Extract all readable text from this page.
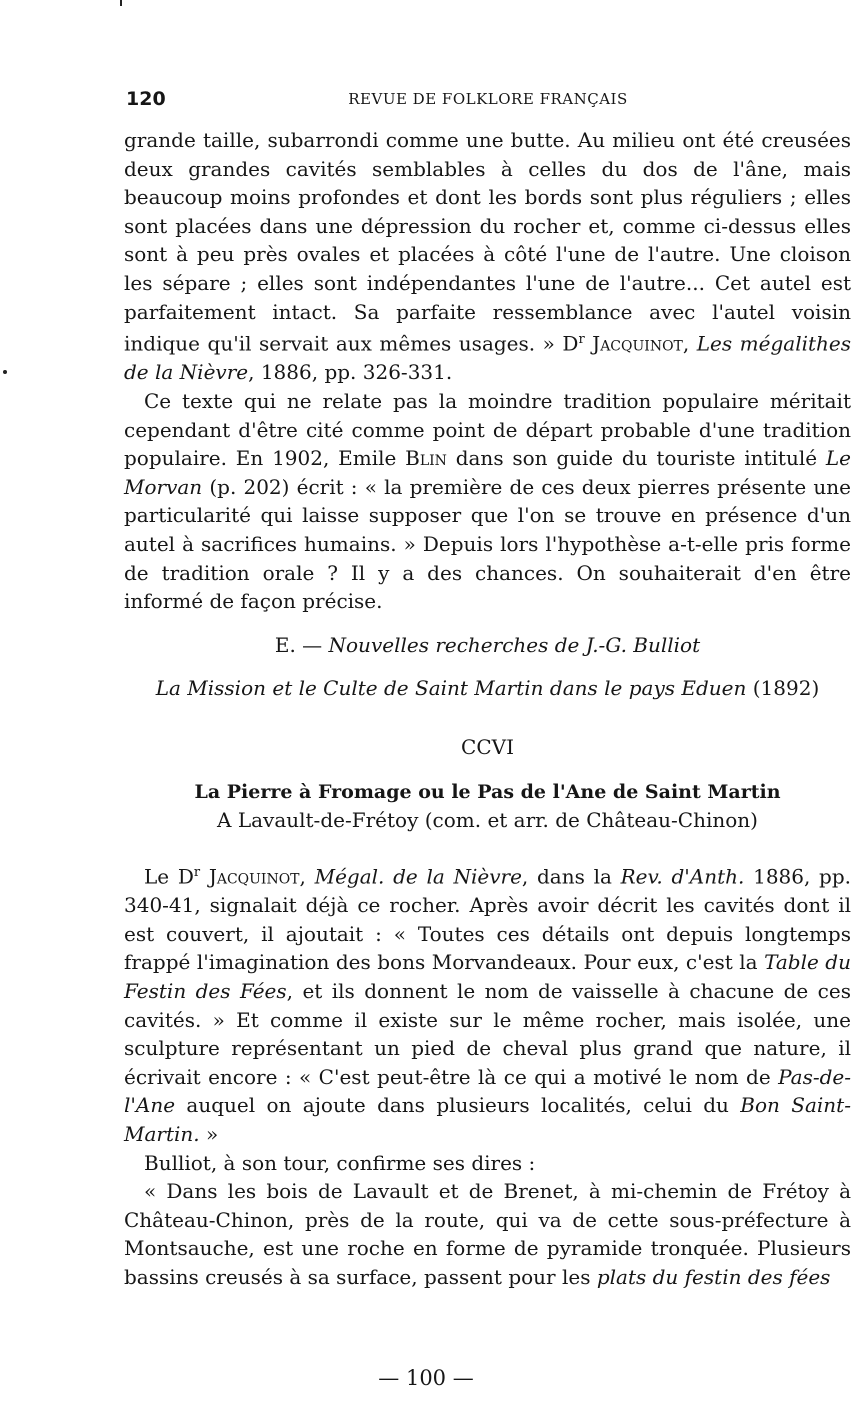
120	REVUE DE FOLKLORE FRANÇAIS

grande taille, subarrondi comme une butte. Au milieu ont été creusées deux grandes cavités semblables à celles du dos de l'âne, mais beaucoup moins profondes et dont les bords sont plus réguliers ; elles sont placées dans une dépression du rocher et, comme ci-dessus elles sont à peu près ovales et placées à côté l'une de l'autre. Une cloison les sépare ; elles sont indépendantes l'une de l'autre... Cet autel est parfaitement intact. Sa parfaite ressemblance avec l'autel voisin indique qu'il servait aux mêmes usages. » $D^r$ Jacquinot, Les mégalithes de la Nièvre, 1886, pp. 326-331.

Ce texte qui ne relate pas la moindre tradition populaire méritait cependant d'être cité comme point de départ probable d'une tradition populaire. En 1902, Emile Blin dans son guide du touriste intitulé Le Morvan (p. 202) écrit : « la première de ces deux pierres présente une particularité qui laisse supposer que l'on se trouve en présence d'un autel à sacrifices humains. » Depuis lors l'hypothèse a-t-elle pris forme de tradition orale ? Il y a des chances. On souhaiterait d'en être informé de façon précise.

E. — Nouvelles recherches de J.-G. Bulliot
La Mission et le Culte de Saint Martin dans le pays Eduen (1892)
CCVI
La Pierre à Fromage ou le Pas de l'Ane de Saint Martin
A Lavault-de-Frétoy (com. et arr. de Château-Chinon)

Le $D^r$ Jacquinot, Mégal. de la Nièvre, dans la Rev. d'Anth. 1886, pp. 340-41, signalait déjà ce rocher. Après avoir décrit les cavités dont il est couvert, il ajoutait : « Toutes ces détails ont depuis longtemps frappé l'imagination des bons Morvandeaux. Pour eux, c'est la Table du Festin des Fées, et ils donnent le nom de vaisselle à chacune de ces cavités. » Et comme il existe sur le même rocher, mais isolée, une sculpture représentant un pied de cheval plus grand que nature, il écrivait encore : « C'est peut-être là ce qui a motivé le nom de Pas-de-l'Ane auquel on ajoute dans plusieurs localités, celui du Bon Saint-Martin. »

Bulliot, à son tour, confirme ses dires :

« Dans les bois de Lavault et de Brenet, à mi-chemin de Frétoy à Château-Chinon, près de la route, qui va de cette sous-préfecture à Montsauche, est une roche en forme de pyramide tronquée. Plusieurs bassins creusés à sa surface, passent pour les plats du festin des fées

— 100 —
